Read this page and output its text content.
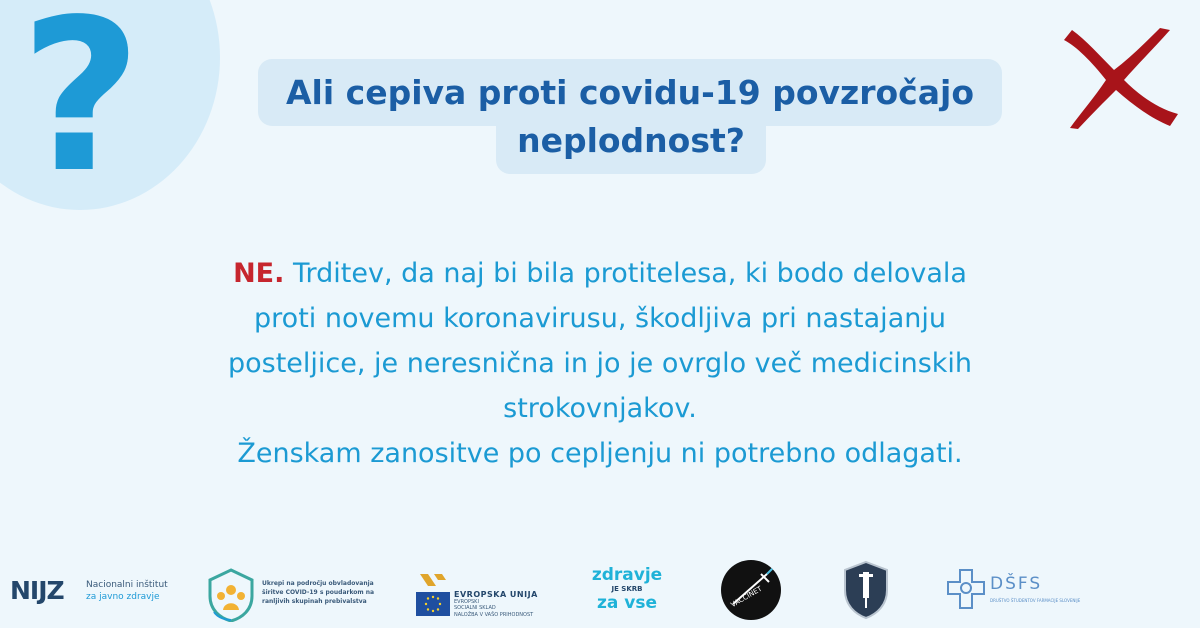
?	Ali cepiva proti covidu-19 povzročajo
neplodnost?
NE. Trditev, da naj bi bila protitelesa, ki bodo delovala
proti novemu koronavirusu, škodljiva pri nastajanju
posteljice, je neresnična in jo je ovrglo več medicinskih
strokovnjakov.
Ženskam zanositve po cepljenju ni potrebno odlagati.
NIJZ Nacionalni inštitut
za javno zdravje
Ukrepi na področju obvladovanja
širitve COVID-19 s poudarkom na
ranljivih skupinah prebivalstva
EVROPSKA UNIJA
EVROPSKI
SOCIALNI SKLAD
NALOŽBA V VAŠO PRIHODNOST
zdravje
JE SKRB
za vse	VACCINET
DŠFS
DRUŠTVO ŠTUDENTOV FARMACIJE SLOVENIJE
